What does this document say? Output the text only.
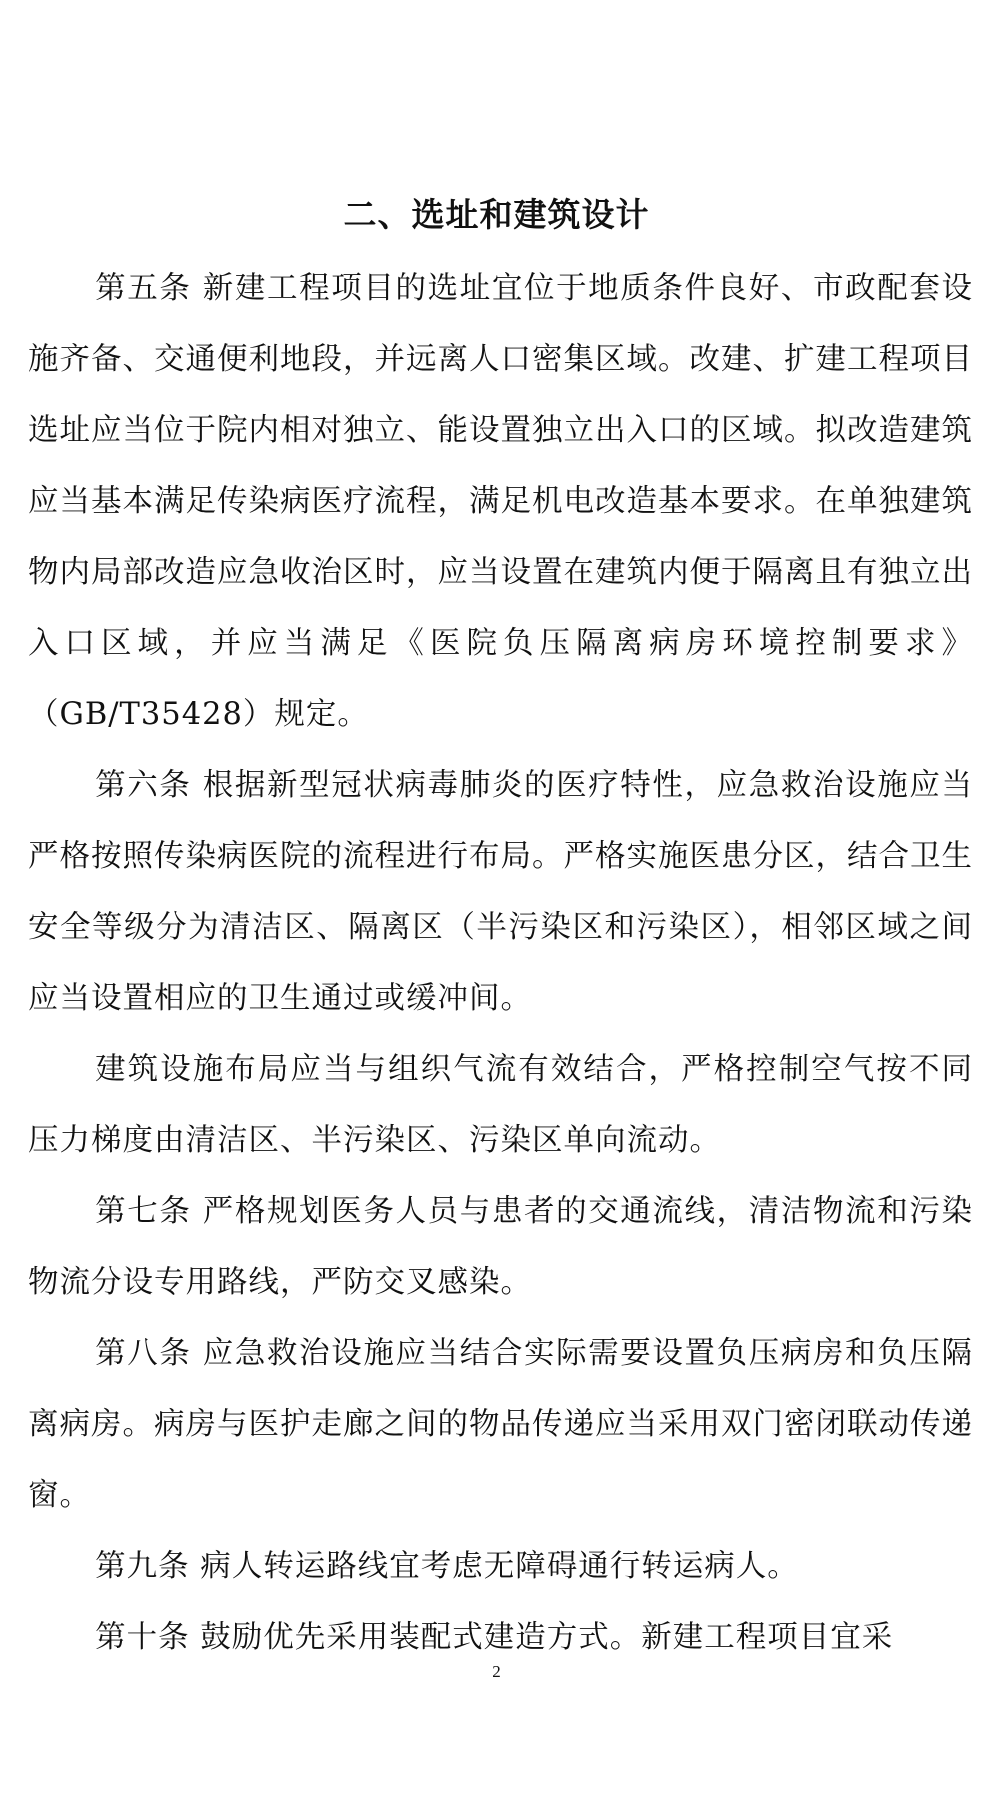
二、选址和建筑设计

第五条 新建工程项目的选址宜位于地质条件良好、市政配套设施齐备、交通便利地段，并远离人口密集区域。改建、扩建工程项目选址应当位于院内相对独立、能设置独立出入口的区域。拟改造建筑应当基本满足传染病医疗流程，满足机电改造基本要求。在单独建筑物内局部改造应急收治区时，应当设置在建筑内便于隔离且有独立出入口区域，并应当满足《医院负压隔离病房环境控制要求》（GB/T35428）规定。

第六条 根据新型冠状病毒肺炎的医疗特性，应急救治设施应当严格按照传染病医院的流程进行布局。严格实施医患分区，结合卫生安全等级分为清洁区、隔离区（半污染区和污染区），相邻区域之间应当设置相应的卫生通过或缓冲间。

建筑设施布局应当与组织气流有效结合，严格控制空气按不同压力梯度由清洁区、半污染区、污染区单向流动。

第七条 严格规划医务人员与患者的交通流线，清洁物流和污染物流分设专用路线，严防交叉感染。

第八条 应急救治设施应当结合实际需要设置负压病房和负压隔离病房。病房与医护走廊之间的物品传递应当采用双门密闭联动传递窗。

第九条 病人转运路线宜考虑无障碍通行转运病人。

第十条 鼓励优先采用装配式建造方式。新建工程项目宜采

2
